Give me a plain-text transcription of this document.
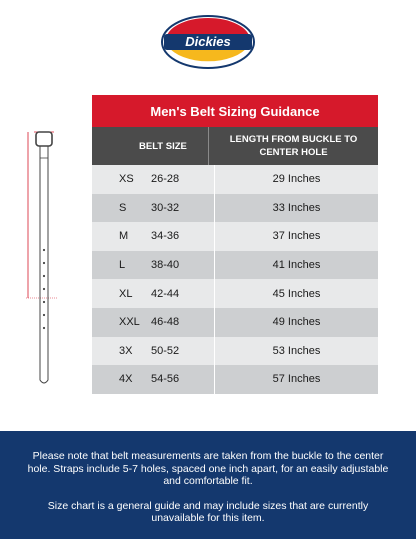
Dickies
Men's Belt Sizing Guidance
BELT SIZE
LENGTH FROM BUCKLE TO CENTER HOLE
XS	26-28	29 Inches
S	30-32	33 Inches
M	34-36	37 Inches
L	38-40	41 Inches
XL	42-44	45 Inches
XXL	46-48	49 Inches
3X	50-52	53 Inches
4X	54-56	57 Inches

Please note that belt measurements are taken from the buckle to the center hole. Straps include 5-7 holes, spaced one inch apart, for an easily adjustable and comfortable fit.

Size chart is a general guide and may include sizes that are currently unavailable for this item.
